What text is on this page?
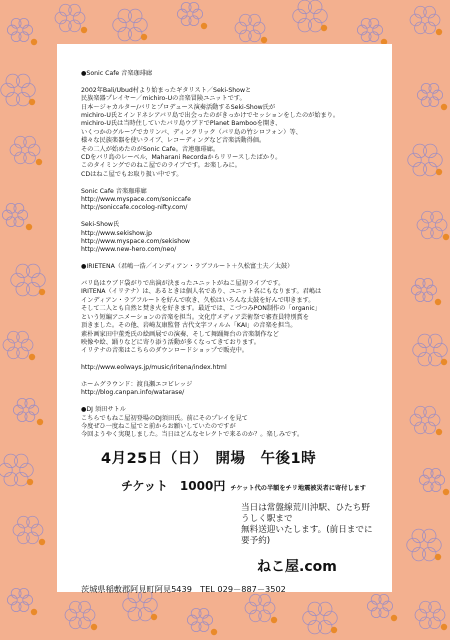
●Sonic Cafe 音楽珈琲廊

2002年Bali/Ubud村より始まったギタリスト／Seki-Showと

民族楽器プレイヤー／michiro-Uの音楽冒険ユニットです。

日本～ジャカルター/バリとプロデュース演奏活動するSeki-Show氏が

michiro-U氏とインドネシアバリ島で出会ったのがきっかけでセッションをしたのが始まり。

michiro-U氏は当時住していたバリ島ウブドでPlanet Bambooを開き、

いくつかのグループでカリンバ、ディンクリック（バリ島の竹シロフォン）等、

様々な民族楽器を使いライブ、レコーディングなど音楽活動得価。

その二人が始めたのがSonic Cafe。音連珈琲廊。

CDをバリ島のレーベル、Maharani Recordaからリリースしたばかり。

このタイミングでのねこ屋でのライブです。お楽しみに。

CDはねこ屋でもお取り扱い中です。

Sonic Cafe 音楽珈琲廊

http://www.myspace.com/soniccafe

http://soniccafe.cocolog-nifty.com/

Seki-Show氏

http://www.sekishow.jp

http://www.myspace.com/sekishow

http://www.new-hero.com/neo/

●IRIETENA（君嶋一浩／インディアン・ラブフルート＋久松富士夫／太鼓）

バリ島はウブド袋がりで出演が決まったユニットがねこ屋初ライブです。

IRITENA（イリテナ）は、あるときは個人名であり、ユニット名にもなります。君嶋は

インディアン・ラブフルートを好んで吹き、久松はいろんな太鼓を好んで叩きます。

そして二人とも自然と焚き火を好きます。最近では、こづつみPON制作の「organic」

という短編アニメーションの音楽を担当。文化庁メディア芸術祭で審査員特別賞を

頂きました。その他、岩崎友康監督 古代文字フィルム「KAI」の音楽を担当。

素朴画家田中董禿氏の絵画展での演奏、そして舞踊舞台の音楽制作など

映像や絵、踊りなどに寄り添う活動が多くなってきております。

イリテナの音楽はこちらのダウンロードショップで販売中。

http://www.eolways.jp/music/iritena/index.html

ホームグラウンド：渡良瀬エコビレッジ

http://blog.canpan.info/watarase/

●DJ 須田サトル

こちらでもねこ屋初登場のDJ須田氏。前にそのプレイを見て

今度ぜひ一度ねこ屋でと前からお願いしていたのですが

今回ようやく実現しました。当日はどんなセレクトで来るのか？。楽しみです。

4月25日（日）　開場　午後1時
チケット　1000円 チケット代の半額をチリ地震被災者に寄付します
当日は常盤線荒川沖駅、ひたち野うしく駅まで
無料送迎いたします。(前日までに要予約)
ねこ屋.com
茨城県稲敷郡阿見町阿見5439　TEL 029－887－3502
